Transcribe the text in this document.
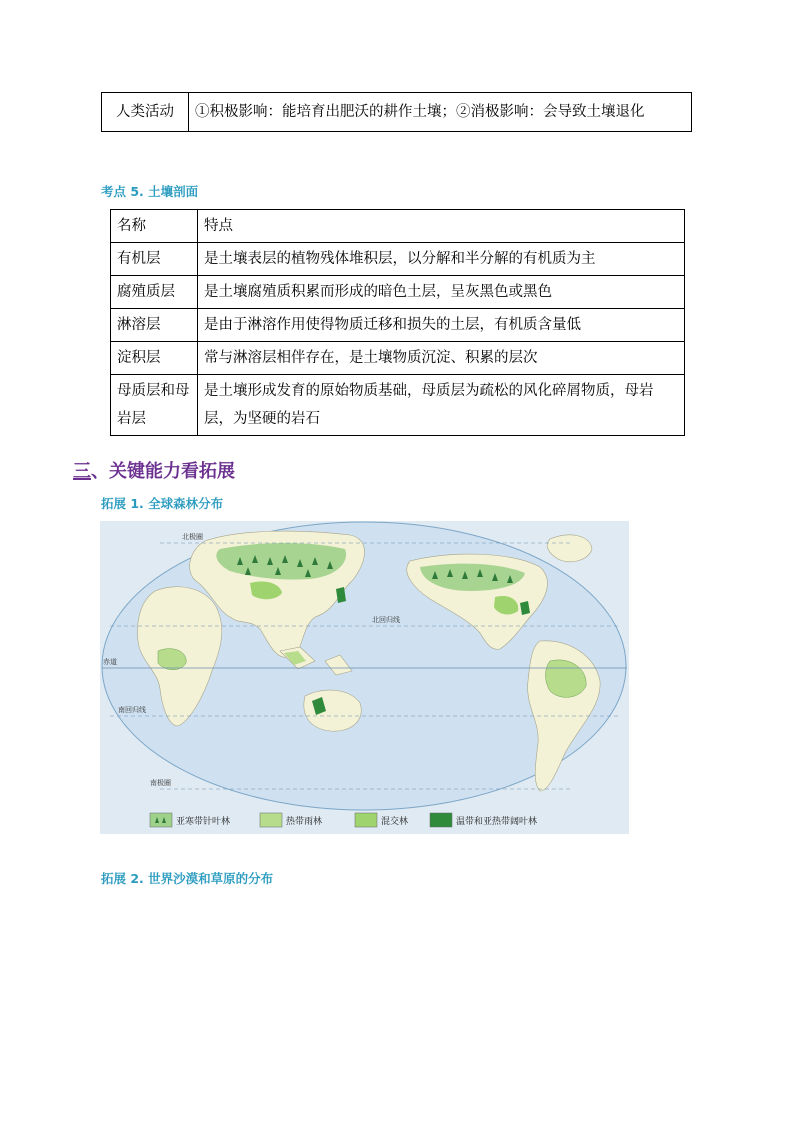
人类活动	①积极影响：能培育出肥沃的耕作土壤；②消极影响：会导致土壤退化
考点 5. 土壤剖面
名称	特点
有机层	是土壤表层的植物残体堆积层，以分解和半分解的有机质为主
腐殖质层	是土壤腐殖质积累而形成的暗色土层，呈灰黑色或黑色
淋溶层	是由于淋溶作用使得物质迁移和损失的土层，有机质含量低
淀积层	常与淋溶层相伴存在，是土壤物质沉淀、积累的层次
母质层和母岩层	是土壤形成发育的原始物质基础，母质层为疏松的风化碎屑物质，母岩层，为坚硬的岩石
三、关键能力看拓展
拓展 1. 全球森林分布
北极圈
北回归线
赤道
南回归线
南极圈
亚寒带针叶林	热带雨林	混交林	温带和亚热带阔叶林
拓展 2. 世界沙漠和草原的分布
